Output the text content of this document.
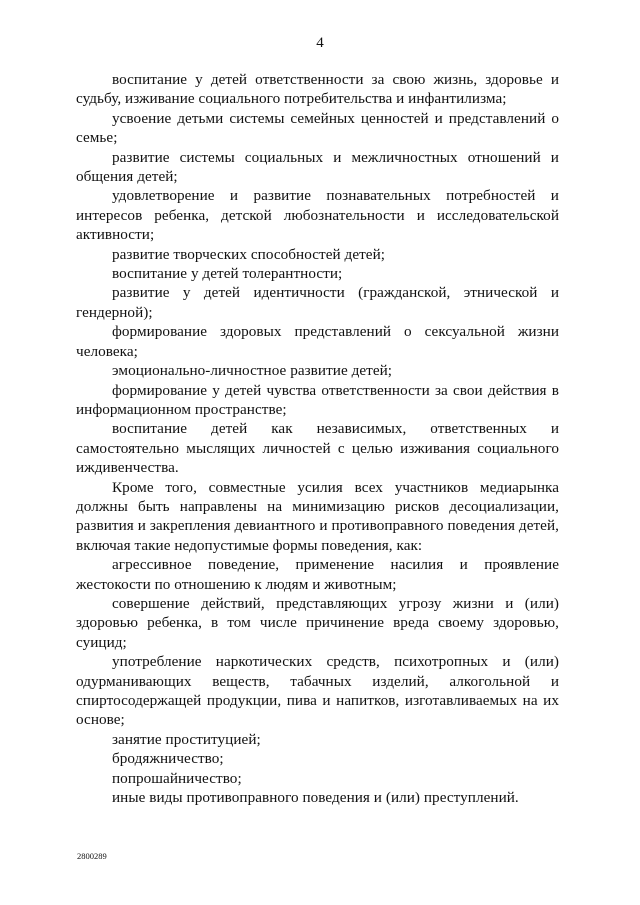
4

воспитание у детей ответственности за свою жизнь, здоровье и судьбу, изживание социального потребительства и инфантилизма;

усвоение детьми системы семейных ценностей и представлений о семье;

развитие системы социальных и межличностных отношений и общения детей;

удовлетворение и развитие познавательных потребностей и интересов ребенка, детской любознательности и исследовательской активности;

развитие творческих способностей детей;

воспитание у детей толерантности;

развитие у детей идентичности (гражданской, этнической и гендерной);

формирование здоровых представлений о сексуальной жизни человека;

эмоционально-личностное развитие детей;

формирование у детей чувства ответственности за свои действия в информационном пространстве;

воспитание детей как независимых, ответственных и самостоятельно мыслящих личностей с целью изживания социального иждивенчества.

Кроме того, совместные усилия всех участников медиарынка должны быть направлены на минимизацию рисков десоциализации, развития и закрепления девиантного и противоправного поведения детей, включая такие недопустимые формы поведения, как:

агрессивное поведение, применение насилия и проявление жестокости по отношению к людям и животным;

совершение действий, представляющих угрозу жизни и (или) здоровью ребенка, в том числе причинение вреда своему здоровью, суицид;

употребление наркотических средств, психотропных и (или) одурманивающих веществ, табачных изделий, алкогольной и спиртосодержащей продукции, пива и напитков, изготавливаемых на их основе;

занятие проституцией;

бродяжничество;

попрошайничество;

иные виды противоправного поведения и (или) преступлений.

2800289
